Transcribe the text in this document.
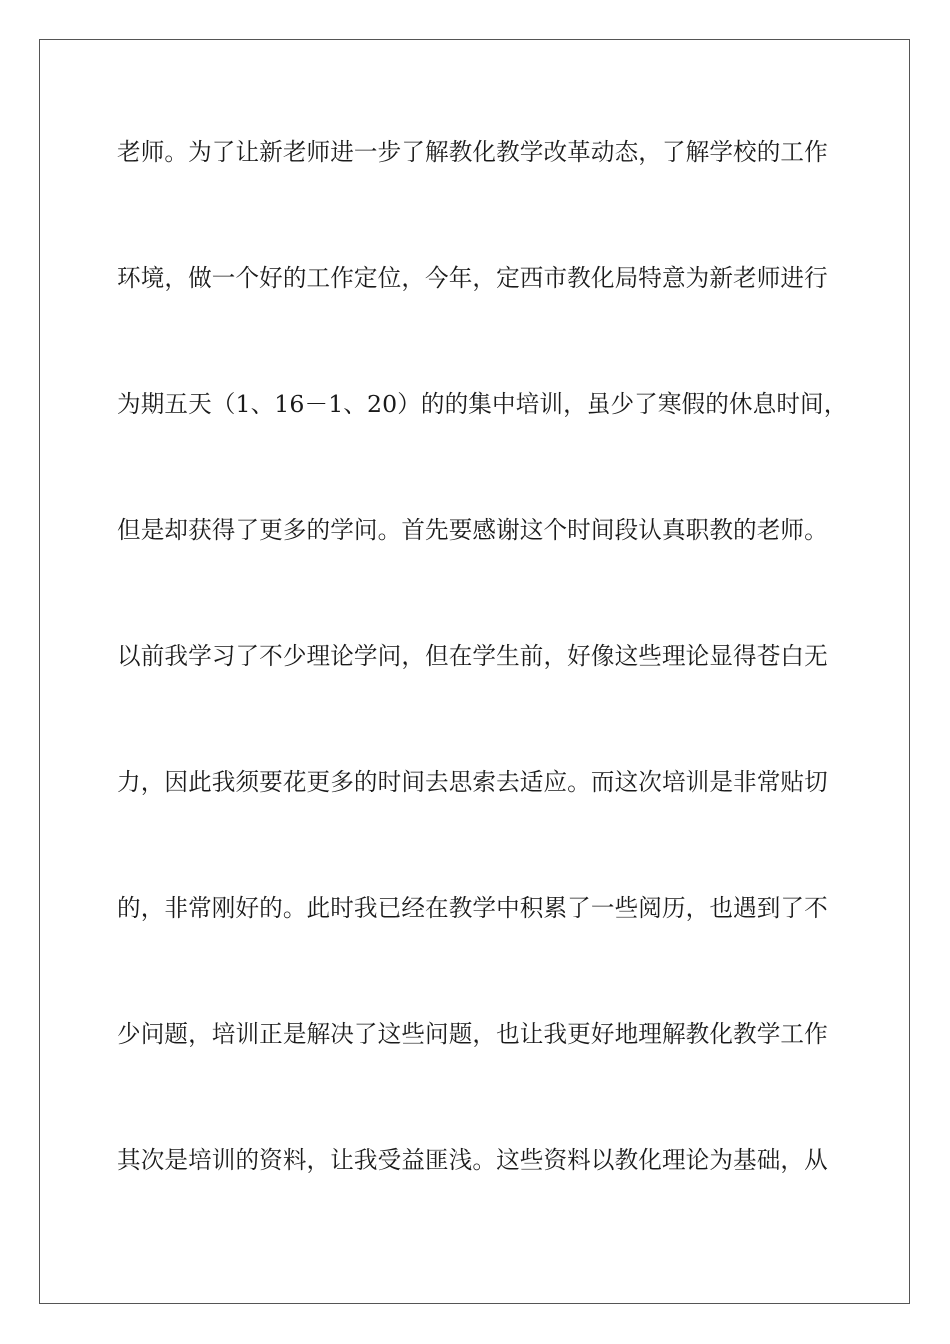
老师。为了让新老师进一步了解教化教学改革动态，了解学校的工作
环境，做一个好的工作定位，今年，定西市教化局特意为新老师进行
为期五天（1、16－1、20）的的集中培训，虽少了寒假的休息时间，
但是却获得了更多的学问。首先要感谢这个时间段认真职教的老师。
以前我学习了不少理论学问，但在学生前，好像这些理论显得苍白无
力，因此我须要花更多的时间去思索去适应。而这次培训是非常贴切
的，非常刚好的。此时我已经在教学中积累了一些阅历，也遇到了不
少问题，培训正是解决了这些问题，也让我更好地理解教化教学工作
其次是培训的资料，让我受益匪浅。这些资料以教化理论为基础，从
